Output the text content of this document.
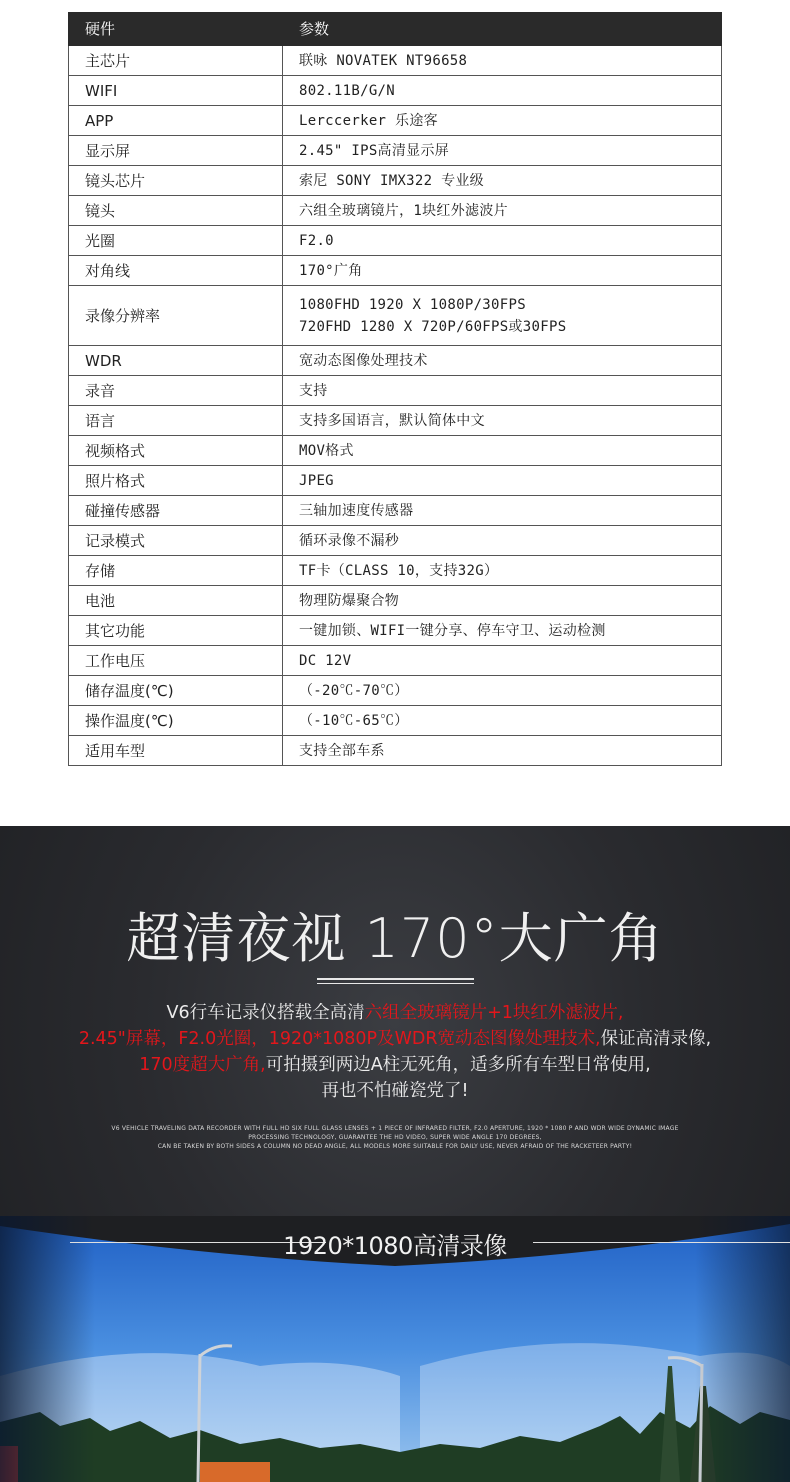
硬件	参数
主芯片	联咏 NOVATEK NT96658
WIFI	802.11B/G/N
APP	Lerccerker 乐途客
显示屏	2.45" IPS高清显示屏
镜头芯片	索尼 SONY IMX322 专业级
镜头	六组全玻璃镜片，1块红外滤波片
光圈	F2.0
对角线	170°广角
录像分辨率	1080FHD 1920 X 1080P/30FPS
720FHD 1280 X 720P/60FPS或30FPS

WDR	宽动态图像处理技术
录音	支持
语言	支持多国语言，默认简体中文
视频格式	MOV格式
照片格式	JPEG
碰撞传感器	三轴加速度传感器
记录模式	循环录像不漏秒
存储	TF卡（CLASS 10，支持32G）
电池	物理防爆聚合物
其它功能	一键加锁、WIFI一键分享、停车守卫、运动检测
工作电压	DC 12V
储存温度(℃)	（-20℃-70℃）
操作温度(℃)	（-10℃-65℃）
适用车型	支持全部车系
超清夜视 170°大广角
V6行车记录仪搭载全高清六组全玻璃镜片+1块红外滤波片,
2.45"屏幕，F2.0光圈，1920*1080P及WDR宽动态图像处理技术,保证高清录像,
170度超大广角,可拍摄到两边A柱无死角，适多所有车型日常使用,
再也不怕碰瓷党了!
V6 VEHICLE TRAVELING DATA RECORDER WITH FULL HD SIX FULL GLASS LENSES + 1 PIECE OF INFRARED FILTER, F2.0 APERTURE, 1920 * 1080 P AND WDR WIDE DYNAMIC IMAGE
PROCESSING TECHNOLOGY, GUARANTEE THE HD VIDEO, SUPER WIDE ANGLE 170 DEGREES,
CAN BE TAKEN BY BOTH SIDES A COLUMN NO DEAD ANGLE, ALL MODELS MORE SUITABLE FOR DAILY USE, NEVER AFRAID OF THE RACKETEER PARTY!
1920*1080高清录像
